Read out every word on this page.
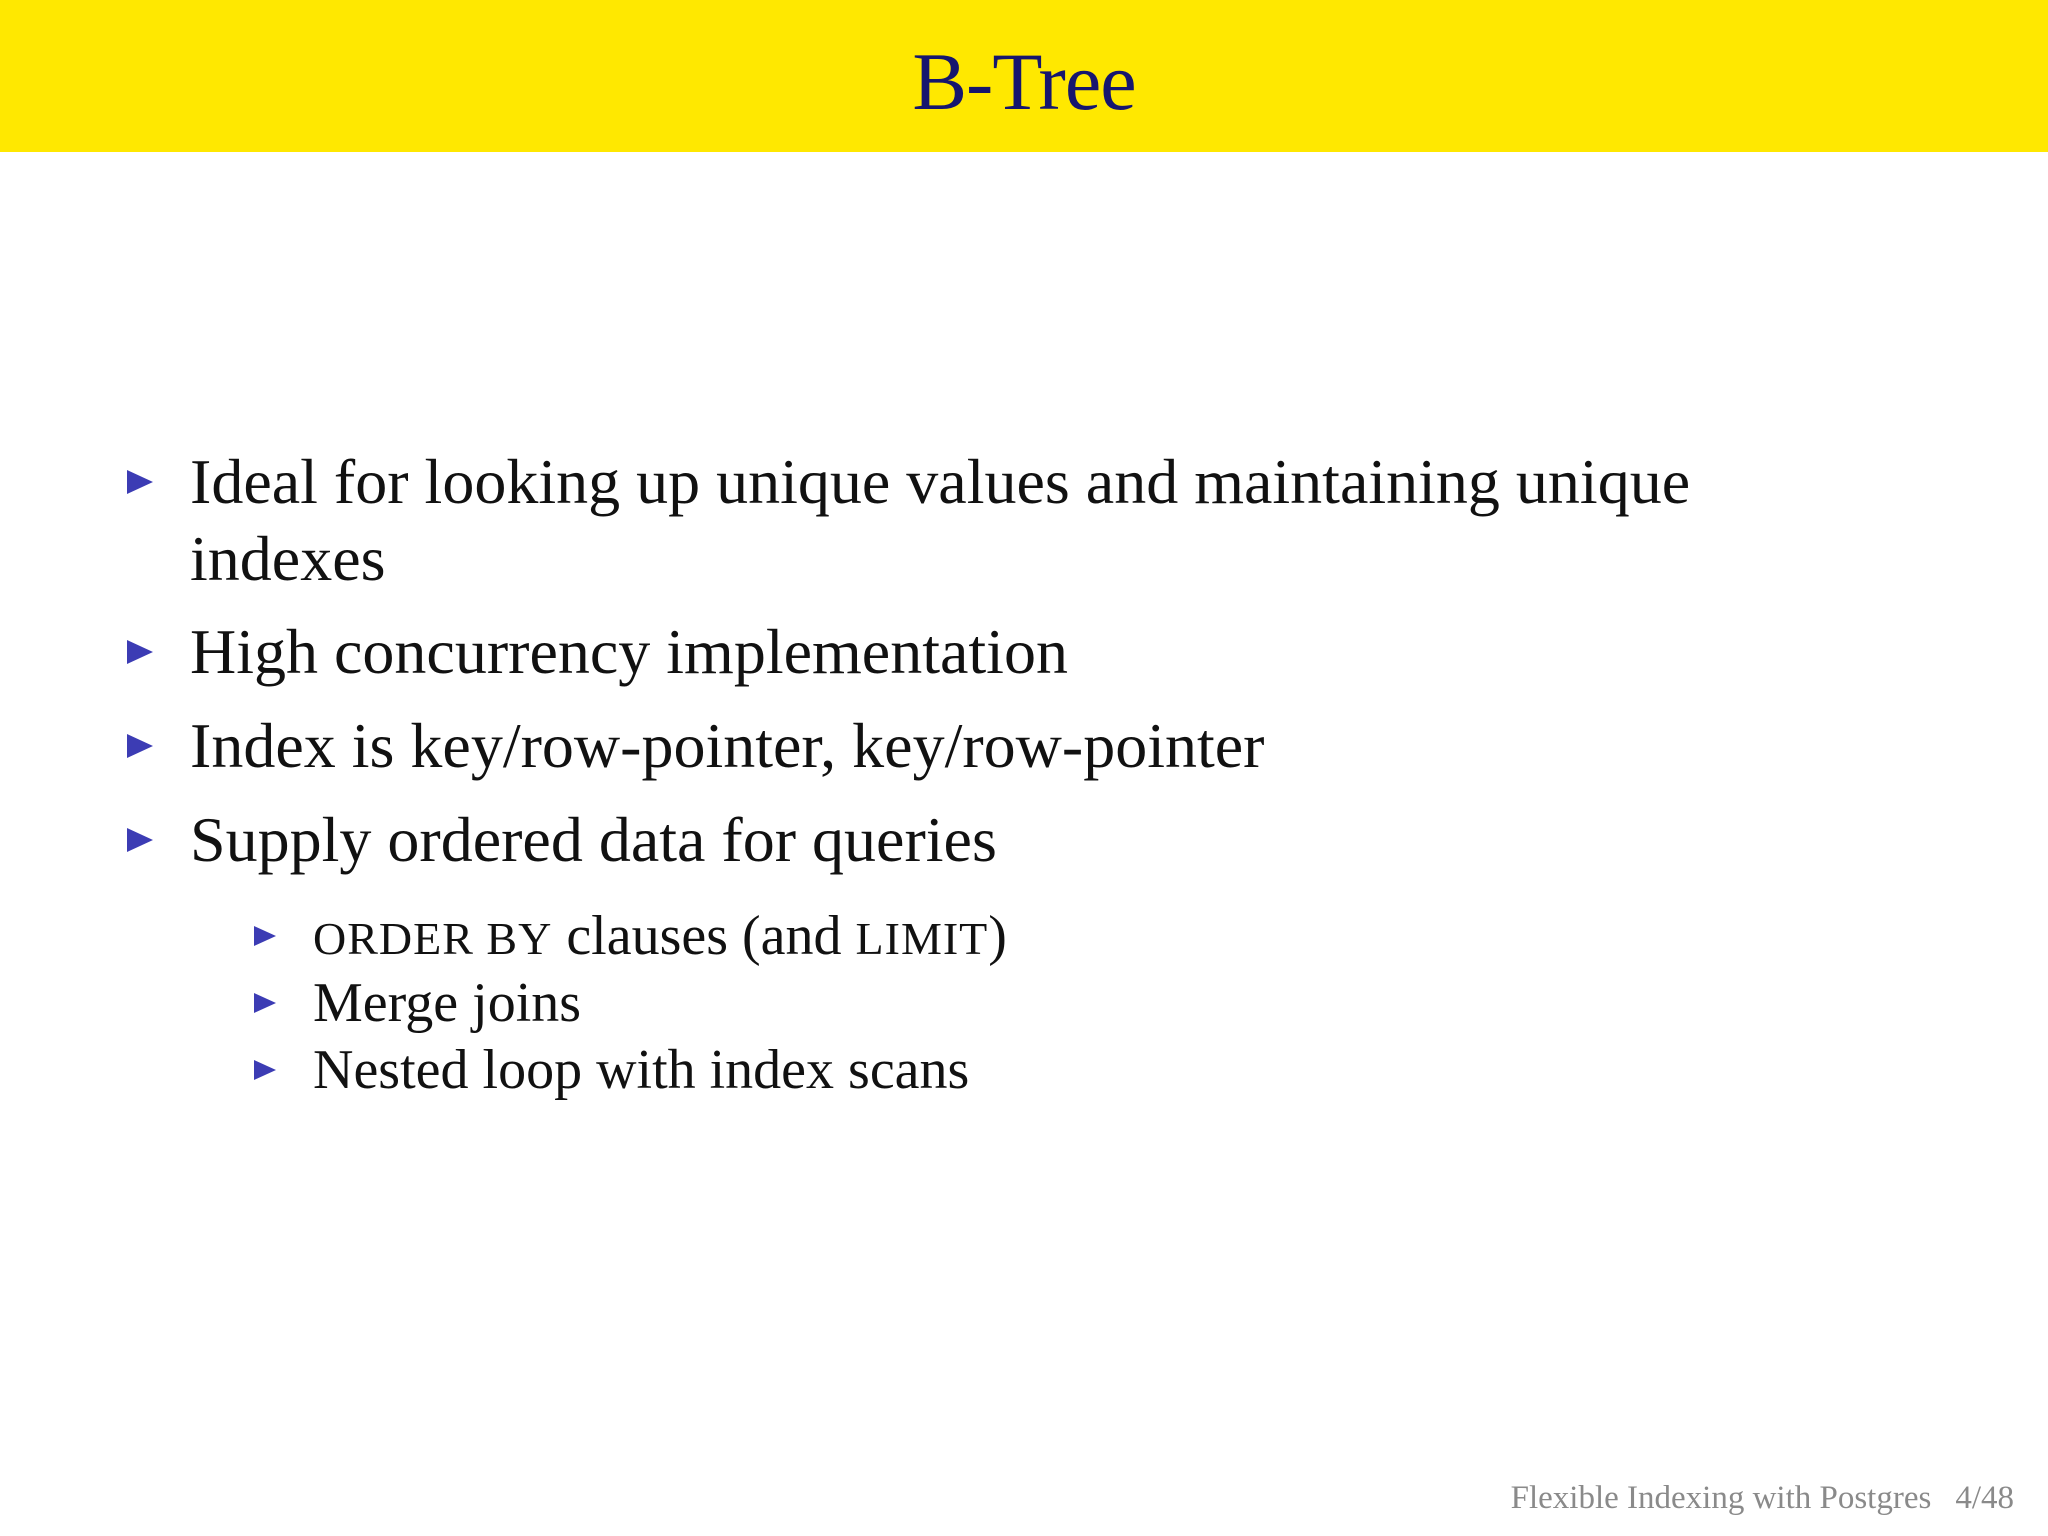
B-Tree
Ideal for looking up unique values and maintaining unique
indexes
High concurrency implementation
Index is key/row-pointer, key/row-pointer
Supply ordered data for queries
ORDER BY clauses (and LIMIT)
Merge joins
Nested loop with index scans
Flexible Indexing with Postgres 4/48
